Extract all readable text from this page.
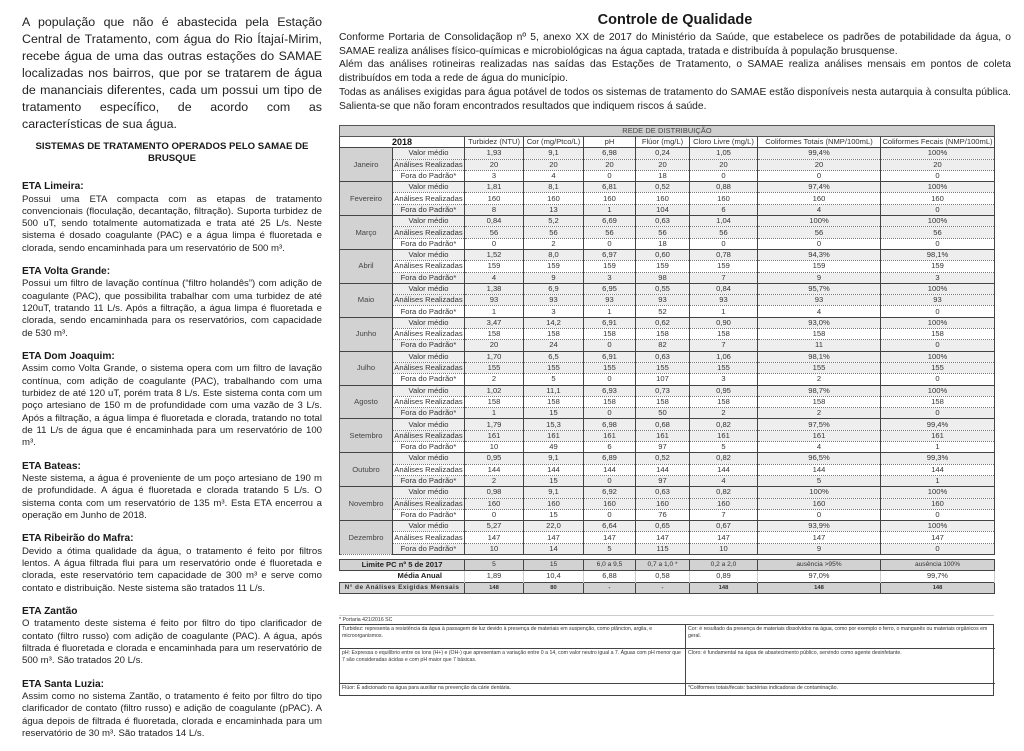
A população que não é abastecida pela Estação Central de Tratamento, com água do Rio Ítajaí-Mirim, recebe água de uma das outras estações do SAMAE localizadas nos bairros, que por se tratarem de água de mananciais diferentes, cada um possui um tipo de tratamento específico, de acordo com as características de sua água.

SISTEMAS DE TRATAMENTO OPERADOS PELO SAMAE DE BRUSQUE
ETA Limeira:

Possui uma ETA compacta com as etapas de tratamento convencionais (floculação, decantação, filtração). Suporta turbidez de 500 uT, sendo totalmente automatizada e trata até 25 L/s. Neste sistema é dosado coagulante (PAC) e a água limpa é fluoretada e clorada, sendo encaminhada para um reservatório de 500 m³.

ETA Volta Grande:

Possui um filtro de lavação contínua (“filtro holandês”) com adição de coagulante (PAC), que possibilita trabalhar com uma turbidez de até 120uT, tratando 11 L/s. Após a filtração, a água limpa é fluoretada e clorada, sendo encaminhada para os reservatórios, com capacidade de 530 m³.

ETA Dom Joaquim:

Assim como Volta Grande, o sistema opera com um filtro de lavação contínua, com adição de coagulante (PAC), trabalhando com uma turbidez de até 120 uT, porém trata 8 L/s. Este sistema conta com um poço artesiano de 150 m de profundidade com uma vazão de 3 L/s. Após a filtração, a água limpa é fluoretada e clorada, tratando no total de 11 L/s de água que é encaminhada para um reservatório de 100 m³.

ETA Bateas:

Neste sistema, a água é proveniente de um poço artesiano de 190 m de profundidade. A água é fluoretada e clorada tratando 5 L/s. O sistema conta com um reservatório de 135 m³. Esta ETA encerrou a operação em Junho de 2018.

ETA Ribeirão do Mafra:

Devido a ótima qualidade da água, o tratamento é feito por filtros lentos. A água filtrada flui para um reservatório onde é fluoretada e clorada, este reservatório tem capacidade de 300 m³ e serve como contato e distribuição. Neste sistema são tratados 11 L/s.

ETA Zantão

O tratamento deste sistema é feito por filtro do tipo clarificador de contato (filtro russo) com adição de coagulante (PAC). A água, após filtrada é fluoretada e clorada e encaminhada para um reservatório de 500 m³. São tratados 20 L/s.

ETA Santa Luzia:

Assim como no sistema Zantão, o tratamento é feito por filtro do tipo clarificador de contato (filtro russo) e adição de coagulante (pPAC). A água depois de filtrada é fluoretada, clorada e encaminhada para um reservatório de 30 m³. São tratados 14 L/s.

Controle de Qualidade

Conforme Portaria de Consolidaçãop nº 5, anexo XX de 2017 do Ministério da Saúde, que estabelece os padrões de potabilidade da água, o SAMAE realiza análises físico-químicas e microbiológicas na água captada, tratada e distribuída à população brusquense.

Além das análises rotineiras realizadas nas saídas das Estações de Tratamento, o SAMAE realiza análises mensais em pontos de coleta distribuídos em toda a rede de água do município.

Todas as análises exigidas para água potável de todos os sistemas de tratamento do SAMAE estão disponíveis nesta autarquia à consulta pública. Salienta-se que não foram encontrados resultados que indiquem riscos á saúde.

REDE DE DISTRIBUIÇÃO								
2018		Turbidez (NTU)	Cor (mg/Ptco/L)	pH	Flúor (mg/L)	Cloro Livre (mg/L)	Coliformes Totais (NMP/100mL)	Coliformes Fecais (NMP/100mL)
Janeiro	Valor médio	1,93	9,1	6,98	0,24	1,05	99,4%	100%
	Análises Realizadas	20	20	20	20	20	20	20
	Fora do Padrão*	3	4	0	18	0	0	0
Fevereiro	Valor médio	1,81	8,1	6,81	0,52	0,88	97,4%	100%
	Análises Realizadas	160	160	160	160	160	160	160
	Fora do Padrão*	8	13	1	104	6	4	0
Março	Valor médio	0,84	5,2	6,69	0,63	1,04	100%	100%
	Análises Realizadas	56	56	56	56	56	56	56
	Fora do Padrão*	0	2	0	18	0	0	0
Abril	Valor médio	1,52	8,0	6,97	0,60	0,78	94,3%	98,1%
	Análises Realizadas	159	159	159	159	159	159	159
	Fora do Padrão*	4	9	3	98	7	9	3
Maio	Valor médio	1,38	6,9	6,95	0,55	0,84	95,7%	100%
	Análises Realizadas	93	93	93	93	93	93	93
	Fora do Padrão*	1	3	1	52	1	4	0
Junho	Valor médio	3,47	14,2	6,91	0,62	0,90	93,0%	100%
	Análises Realizadas	158	158	158	158	158	158	158
	Fora do Padrão*	20	24	0	82	7	11	0
Julho	Valor médio	1,70	6,5	6,91	0,63	1,06	98,1%	100%
	Análises Realizadas	155	155	155	155	155	155	155
	Fora do Padrão*	2	5	0	107	3	2	0
Agosto	Valor médio	1,02	11,1	6,93	0,73	0,95	98,7%	100%
	Análises Realizadas	158	158	158	158	158	158	158
	Fora do Padrão*	1	15	0	50	2	2	0
Setembro	Valor médio	1,79	15,3	6,98	0,68	0,82	97,5%	99,4%
	Análises Realizadas	161	161	161	161	161	161	161
	Fora do Padrão*	10	49	6	97	5	4	1
Outubro	Valor médio	0,95	9,1	6,89	0,52	0,82	96,5%	99,3%
	Análises Realizadas	144	144	144	144	144	144	144
	Fora do Padrão*	2	15	0	97	4	5	1
Novembro	Valor médio	0,98	9,1	6,92	0,63	0,82	100%	100%
	Análises Realizadas	160	160	160	160	160	160	160
	Fora do Padrão*	0	15	0	76	7	0	0
Dezembro	Valor médio	5,27	22,0	6,64	0,65	0,67	93,9%	100%
	Análises Realizadas	147	147	147	147	147	147	147
	Fora do Padrão*	10	14	5	115	10	9	0

Limite PC nº 5 de 2017		5	15	6,0 a 9,5	0,7 a 1,0 *	0,2 a 2,0	ausência >95%	ausência 100%
Média Anual		1,89	10,4	6,88	0,58	0,89	97,0%	99,7%
N° de Análises Exigidas Mensais		148	80	-	-	148	148	148
* Portaria 421/2016 SC
Turbidez: representa a resistência da água à passagem de luz devido à presença de materiais em suspenção, como plâncton, argila, e microorganismos.
Cor: é resultado da presença de materiais dissolvidos na água, como por exemplo o ferro, o manganês ou materiais orgânicos em geral.
pH: Expressa o equilíbrio entre os íons (H+) e (OH-) que apresentam a variação entre 0 a 14, com valor neutro igual a 7. Águas com pH menor que 7 são consideradas ácidas e com pH maior que 7 básicas.
Cloro: é fundamental na água de abastecimento público, servindo como agente desinfetante.
Flúor: É adicionado na água para auxiliar na prevenção da cárie dentária.	*Coliformes totais/fecais: bactérias indicadoras de contaminação.
